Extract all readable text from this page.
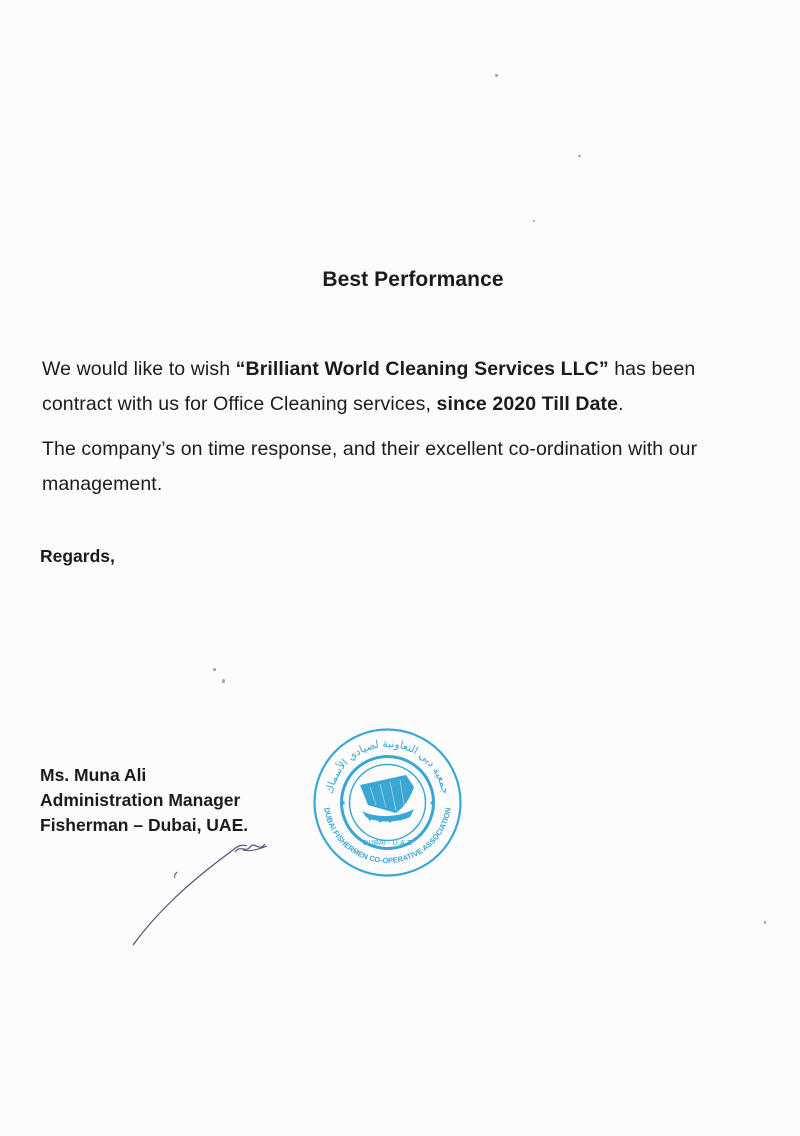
Best Performance
We would like to wish “Brilliant World Cleaning Services LLC” has been contract with us for Office Cleaning services, since 2020 Till Date.
The company’s on time response, and their excellent co-ordination with our management.
Regards,
Ms. Muna Ali
Administration Manager
Fisherman – Dubai, UAE.
جمعية دبي التعاونية لصيادي الأسماك
DUBAI FISHERMEN CO-OPERATIVE ASSOCIATION
DUBAI - U.A.E
★	★
